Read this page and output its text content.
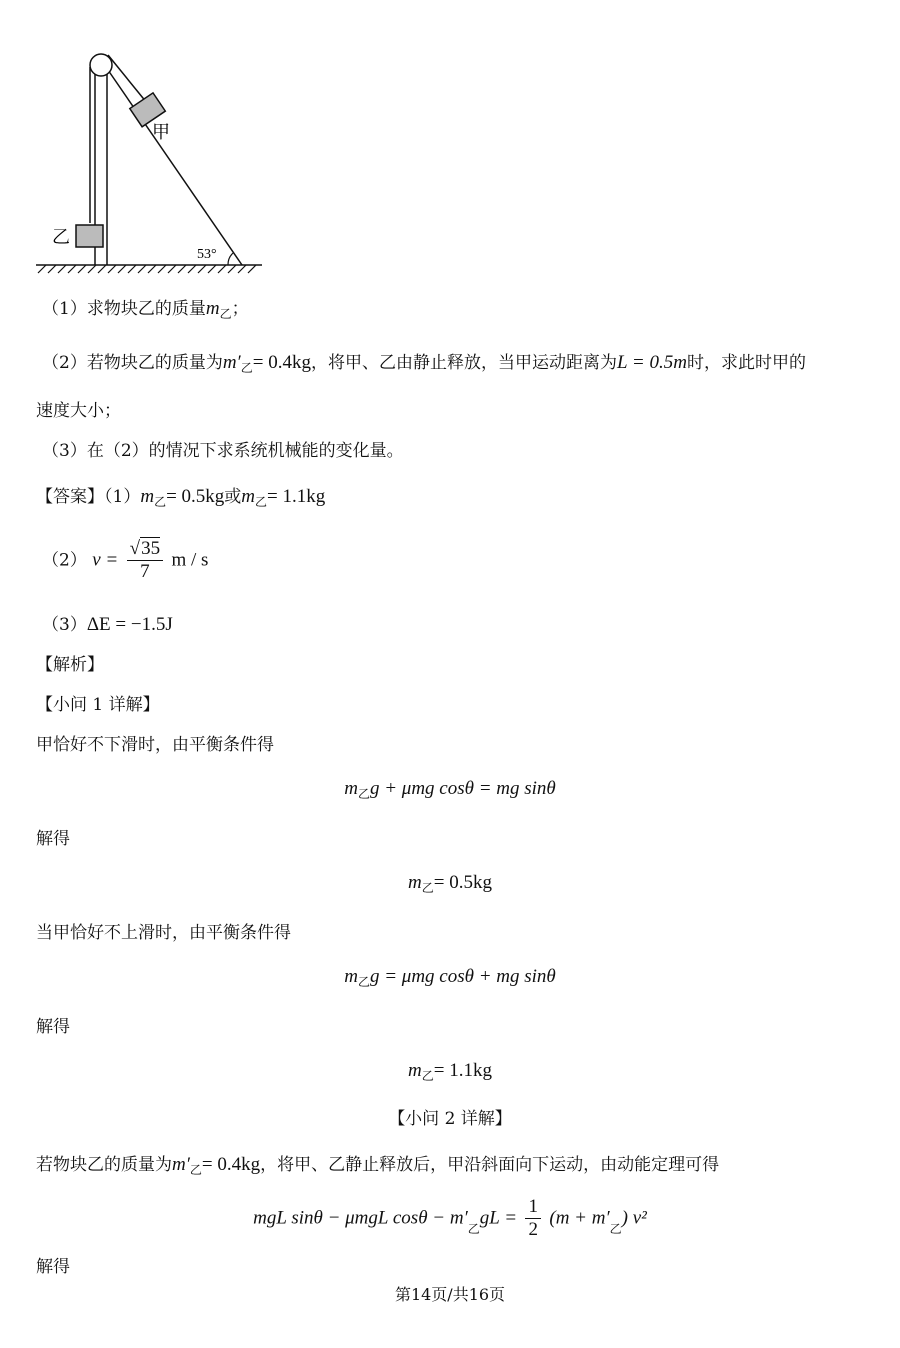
甲
乙
53°
（1）求物块乙的质量$m_乙$；
（2）若物块乙的质量为$m'_乙= 0.4kg$，将甲、乙由静止释放，当甲运动距离为L = 0.5m时，求此时甲的
速度大小；
（3）在（2）的情况下求系统机械能的变化量。
【答案】$(1)m_乙= 0.5kg$或$m_乙= 1.1kg$
（2） $v = \frac{√35}{7}$ m / s
（3）ΔE = −1.5J
【解析】
【小问 1 详解】
甲恰好不下滑时，由平衡条件得
$m_乙g + \mu mg$ cosθ = mg sinθ
解得
$m_乙= 0.5kg$
当甲恰好不上滑时，由平衡条件得
$m_乙g = \mu mg$ cosθ + mg sinθ
解得
$m_乙= 1.1kg$
【小问 2 详解】
若物块乙的质量为$m'_乙= 0.4kg$，将甲、乙静止释放后，甲沿斜面向下运动，由动能定理可得
mgL sinθ − μmgL $\cos\theta - m'_乙gL = \frac{1}{2} (m + m'_乙)$ v²
解得
第14页/共16页
